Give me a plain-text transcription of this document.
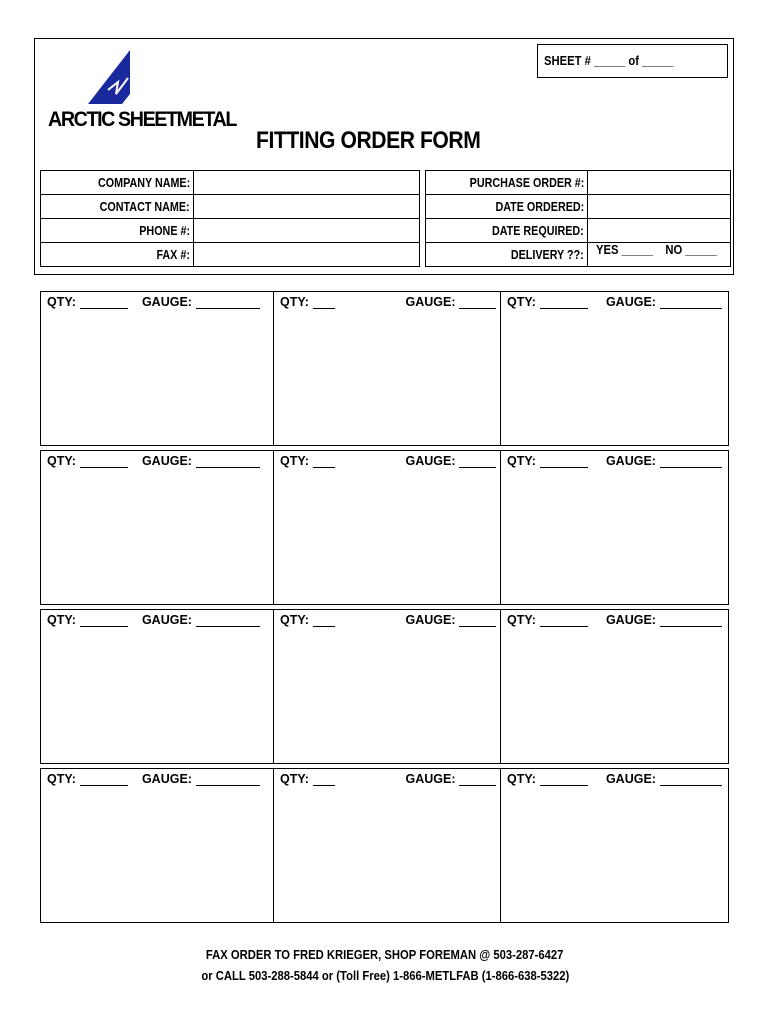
ARCTIC SHEETMETAL
SHEET # _____ of _____
FITTING ORDER FORM
COMPANY NAME:	
CONTACT NAME:	
PHONE #:	
FAX #:	
PURCHASE ORDER #:	
DATE ORDERED:	
DATE REQUIRED:	
DELIVERY ??:	YES _____    NO _____
QTY:	GAUGE:	QTY:	GAUGE:	QTY:	GAUGE:
QTY:	GAUGE:	QTY:	GAUGE:	QTY:	GAUGE:
QTY:	GAUGE:	QTY:	GAUGE:	QTY:	GAUGE:
QTY:	GAUGE:	QTY:	GAUGE:	QTY:	GAUGE:
FAX ORDER TO FRED KRIEGER, SHOP FOREMAN @ 503-287-6427
or CALL 503-288-5844 or (Toll Free) 1-866-METLFAB (1-866-638-5322)
